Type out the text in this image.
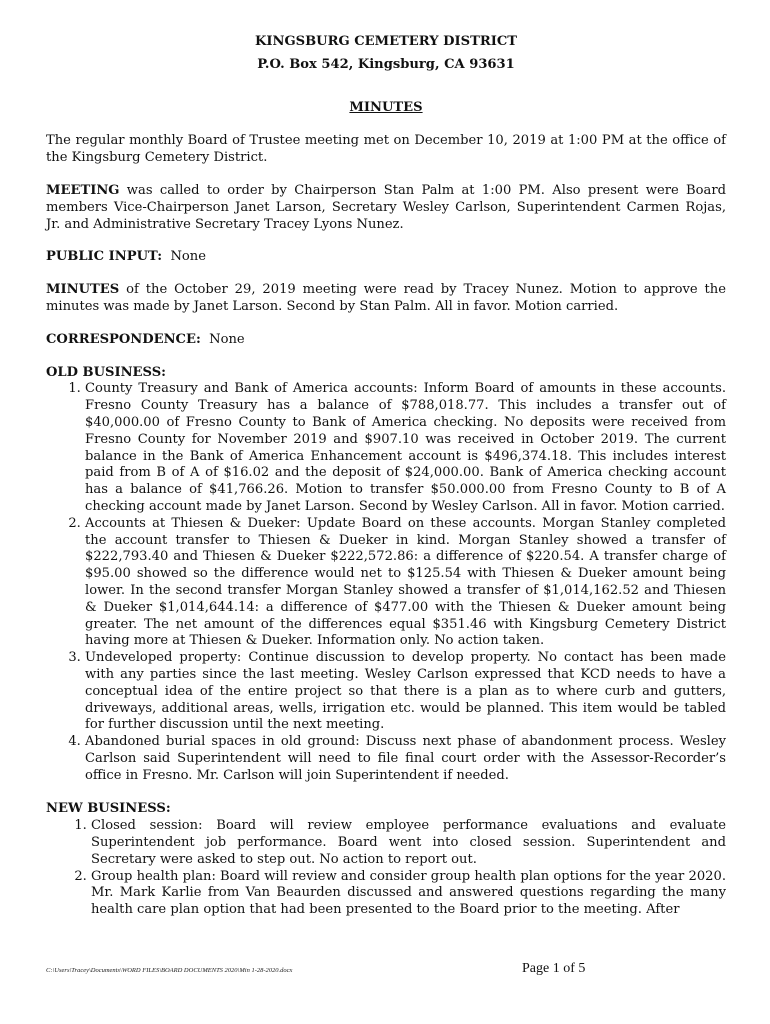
KINGSBURG CEMETERY DISTRICT
P.O. Box 542, Kingsburg, CA 93631
MINUTES

The regular monthly Board of Trustee meeting met on December 10, 2019 at 1:00 PM at the office of the Kingsburg Cemetery District.

MEETING was called to order by Chairperson Stan Palm at 1:00 PM. Also present were Board members Vice-Chairperson Janet Larson, Secretary Wesley Carlson, Superintendent Carmen Rojas, Jr. and Administrative Secretary Tracey Lyons Nunez.

PUBLIC INPUT:  None

MINUTES of the October 29, 2019 meeting were read by Tracey Nunez. Motion to approve the minutes was made by Janet Larson. Second by Stan Palm. All in favor. Motion carried.

CORRESPONDENCE:  None

OLD BUSINESS:
1. County Treasury and Bank of America accounts: Inform Board of amounts in these accounts. Fresno County Treasury has a balance of $788,018.77. This includes a transfer out of $40,000.00 of Fresno County to Bank of America checking. No deposits were received from Fresno County for November 2019 and $907.10 was received in October 2019. The current balance in the Bank of America Enhancement account is $496,374.18. This includes interest paid from B of A of $16.02 and the deposit of $24,000.00. Bank of America checking account has a balance of $41,766.26. Motion to transfer $50.000.00 from Fresno County to B of A checking account made by Janet Larson. Second by Wesley Carlson. All in favor. Motion carried.
2. Accounts at Thiesen & Dueker: Update Board on these accounts. Morgan Stanley completed the account transfer to Thiesen & Dueker in kind. Morgan Stanley showed a transfer of $222,793.40 and Thiesen & Dueker $222,572.86: a difference of $220.54. A transfer charge of $95.00 showed so the difference would net to $125.54 with Thiesen & Dueker amount being lower. In the second transfer Morgan Stanley showed a transfer of $1,014,162.52 and Thiesen & Dueker $1,014,644.14: a difference of $477.00 with the Thiesen & Dueker amount being greater. The net amount of the differences equal $351.46 with Kingsburg Cemetery District having more at Thiesen & Dueker. Information only. No action taken.
3. Undeveloped property: Continue discussion to develop property. No contact has been made with any parties since the last meeting. Wesley Carlson expressed that KCD needs to have a conceptual idea of the entire project so that there is a plan as to where curb and gutters, driveways, additional areas, wells, irrigation etc. would be planned. This item would be tabled for further discussion until the next meeting.
4. Abandoned burial spaces in old ground: Discuss next phase of abandonment process. Wesley Carlson said Superintendent will need to file final court order with the Assessor-Recorder’s office in Fresno. Mr. Carlson will join Superintendent if needed.
NEW BUSINESS:
1. Closed session: Board will review employee performance evaluations and evaluate Superintendent job performance. Board went into closed session. Superintendent and Secretary were asked to step out. No action to report out.
2. Group health plan: Board will review and consider group health plan options for the year 2020. Mr. Mark Karlie from Van Beaurden discussed and answered questions regarding the many health care plan option that had been presented to the Board prior to the meeting. After
C:\Users\Tracey\Documents\WORD FILES\BOARD DOCUMENTS 2020\Min 1-28-2020.docx	Page 1 of 5
